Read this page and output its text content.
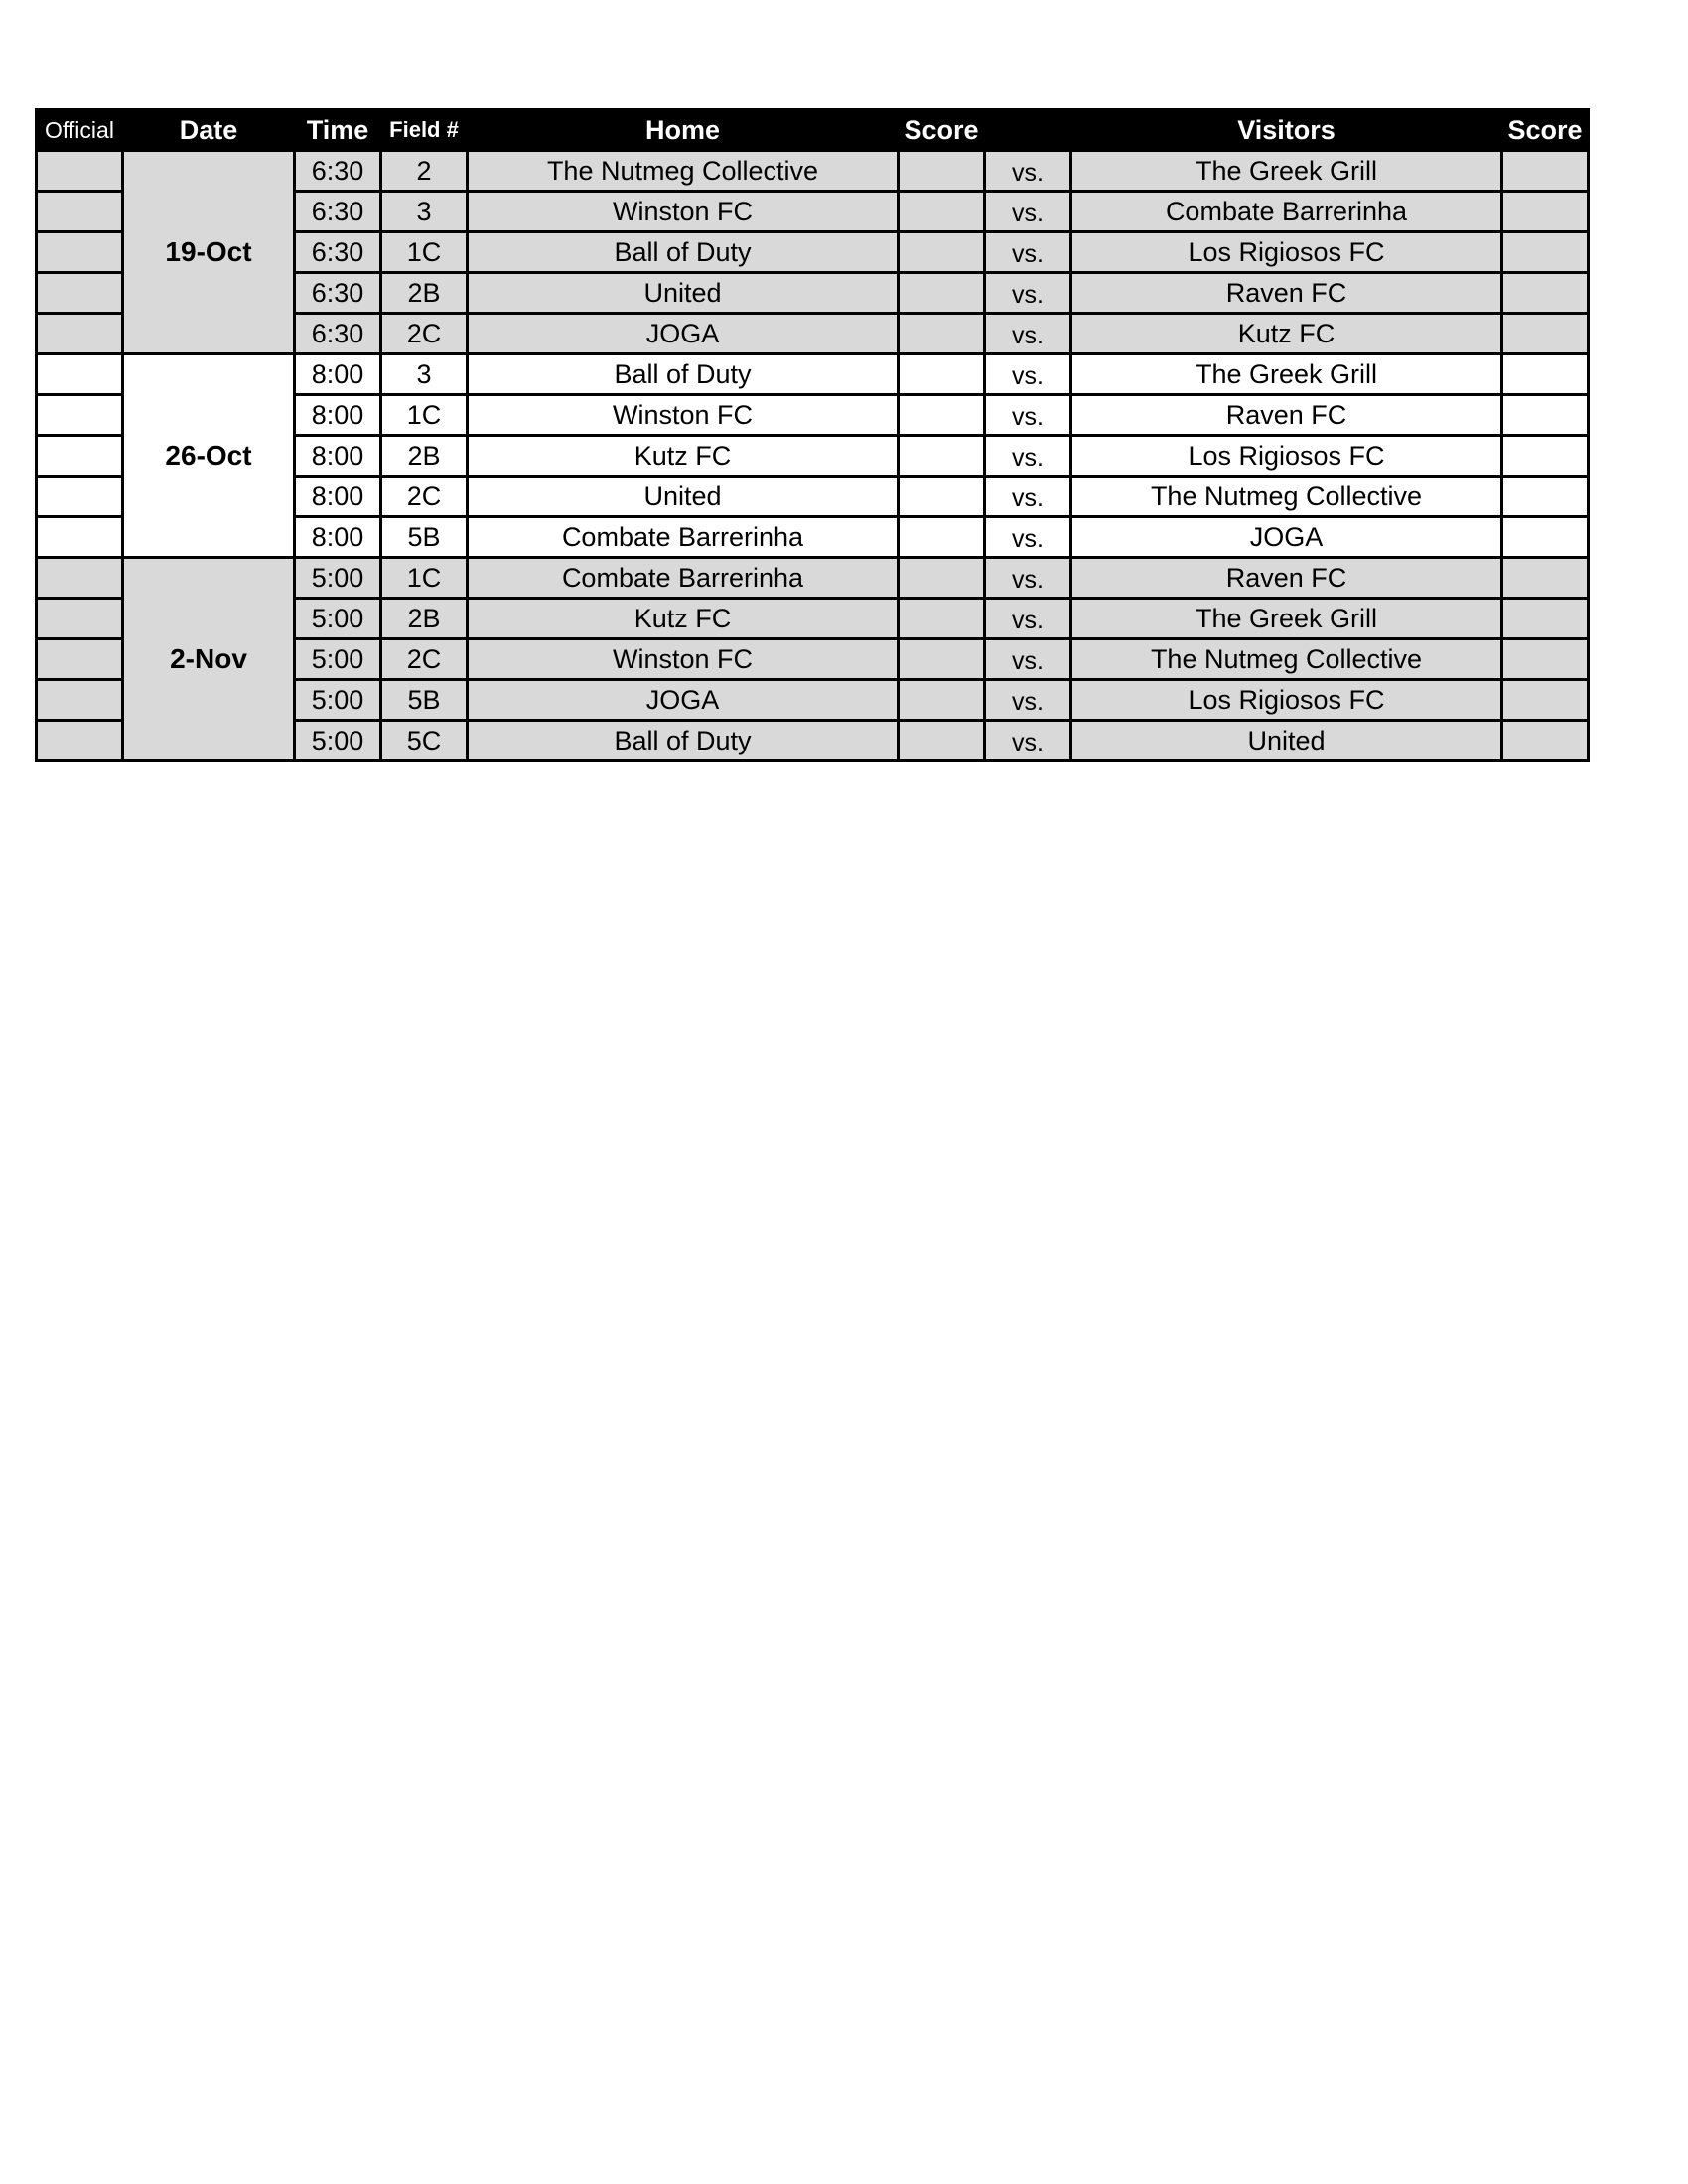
Official	Date	Time	Field #	Home	Score		Visitors	Score
	19-Oct	6:30	2	The Nutmeg Collective		vs.	The Greek Grill	
		6:30	3	Winston FC		vs.	Combate Barrerinha	
		6:30	1C	Ball of Duty		vs.	Los Rigiosos FC	
		6:30	2B	United		vs.	Raven FC	
		6:30	2C	JOGA		vs.	Kutz FC	
	26-Oct	8:00	3	Ball of Duty		vs.	The Greek Grill	
		8:00	1C	Winston FC		vs.	Raven FC	
		8:00	2B	Kutz FC		vs.	Los Rigiosos FC	
		8:00	2C	United		vs.	The Nutmeg Collective	
		8:00	5B	Combate Barrerinha		vs.	JOGA	
	2-Nov	5:00	1C	Combate Barrerinha		vs.	Raven FC	
		5:00	2B	Kutz FC		vs.	The Greek Grill	
		5:00	2C	Winston FC		vs.	The Nutmeg Collective	
		5:00	5B	JOGA		vs.	Los Rigiosos FC	
		5:00	5C	Ball of Duty		vs.	United	
